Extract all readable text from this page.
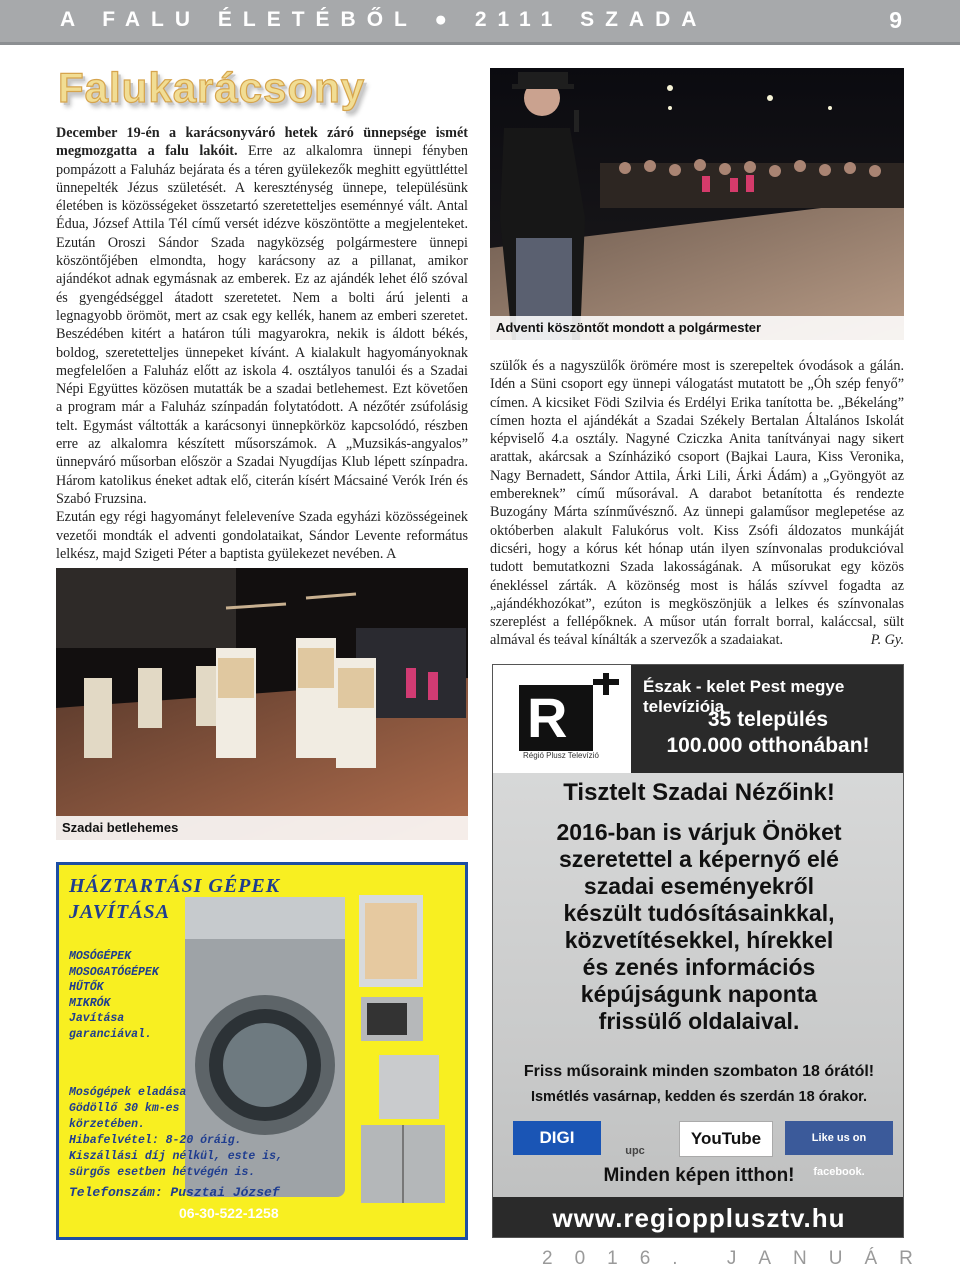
A FALU ÉLETÉBŐL ● 2111 SZADA	9
Falukarácsony

December 19-én a karácsonyváró hetek záró ünnepsége ismét megmozgatta a falu lakóit. Erre az alkalomra ünnepi fényben pompázott a Faluház bejárata és a téren gyülekezők meghitt együttléttel ünnepelték Jézus születését. A kereszténység ünnepe, településünk életében is közösségeket összetartó szeretetteljes eseménnyé vált. Antal Édua, József Attila Tél című versét idézve köszöntötte a megjelenteket. Ezután Oroszi Sándor Szada nagyközség polgármestere ünnepi köszöntőjében elmondta, hogy karácsony az a pillanat, amikor ajándékot adnak egymásnak az emberek. Ez az ajándék lehet élő szóval és gyengédséggel átadott szeretetet. Nem a bolti árú jelenti a legnagyobb örömöt, mert az csak egy kellék, hanem az emberi szeretet. Beszédében kitért a határon túli magyarokra, nekik is áldott békés, boldog, szeretetteljes ünnepeket kívánt. A kialakult hagyományoknak megfelelően a Faluház előtt az iskola 4. osztályos tanulói és a Szadai Népi Együttes közösen mutatták be a szadai betlehemest. Ezt követően a program már a Faluház színpadán folytatódott. A nézőtér zsúfolásig telt. Egymást váltották a karácsonyi ünnepkörköz kapcsolódó, részben erre az alkalomra készített műsorszámok. A „Muzsikás-angyalos” ünnepváró műsorban először a Szadai Nyugdíjas Klub lépett színpadra. Három katolikus éneket adtak elő, citerán kísért Mácsainé Verók Irén és Szabó Fruzsina.

Ezután egy régi hagyományt feleleveníve Szada egyházi közösségeinek vezetői mondták el adventi gondolataikat, Sándor Levente református lelkész, majd Szigeti Péter a baptista gyülekezet nevében. A

Adventi köszöntőt mondott a polgármester

szülők és a nagyszülők örömére most is szerepeltek óvodások a gálán. Idén a Süni csoport egy ünnepi válogatást mutatott be „Óh szép fenyő” címen. A kicsiket Födi Szilvia és Erdélyi Erika tanította be. „Békeláng” címen hozta el ajándékát a Szadai Székely Bertalan Általános Iskolát képviselő 4.a osztály. Nagyné Cziczka Anita tanítványai nagy sikert arattak, akárcsak a Színházikó csoport (Bajkai Laura, Kiss Veronika, Nagy Bernadett, Sándor Attila, Árki Lili, Árki Ádám) a „Gyöngyöt az embereknek” című műsorával. A darabot betanította és rendezte Buzogány Márta színművésznő. Az ünnepi galaműsor meglepetése az októberben alakult Falukórus volt. Kiss Zsófi áldozatos munkáját dicséri, hogy a kórus két hónap után ilyen színvonalas produkcióval tudott bemutatkozni Szada lakosságának. A műsorukat egy közös énekléssel zárták. A közönség most is hálás szívvel fogadta az „ajándékhozókat”, ezúton is megköszönjük a lelkes és színvonalas szereplést a fellépőknek. A műsor után forralt borral, kaláccsal, sült almával és teával kínálták a szervezők a szadaiakat.	P. Gy.

Szadai betlehemes
HÁZTARTÁSI GÉPEK
JAVÍTÁSA
MOSÓGÉPEK
MOSOGATÓGÉPEK
HŰTŐK
MIKRÓK
Javítása
garanciával.
Mosógépek eladása
Gödöllő 30 km-es
körzetében.
Hibafelvétel: 8-20 óráig.
Kiszállási díj nélkül, este is,
sürgős esetben hétvégén is.
Telefonszám: Pusztai József
06-30-522-1258
R
Régió Plusz Televízió
Észak - kelet Pest megye televíziója
35 település
100.000 otthonában!
Tisztelt Szadai Nézőink!
2016-ban is várjuk Önöket
szeretettel a képernyő elé
szadai eseményekről
készült tudósításainkkal,
közvetítésekkel, hírekkel
és zenés információs
képújságunk naponta
frissülő oldalaival.
Friss műsoraink minden szombaton 18 órától!
Ismétlés vasárnap, kedden és szerdán 18 órakor.
DIGI
upc
YouTube	Like us on facebook.
Minden képen itthon!
www.regiopplusztv.hu
2016. JANUÁR
